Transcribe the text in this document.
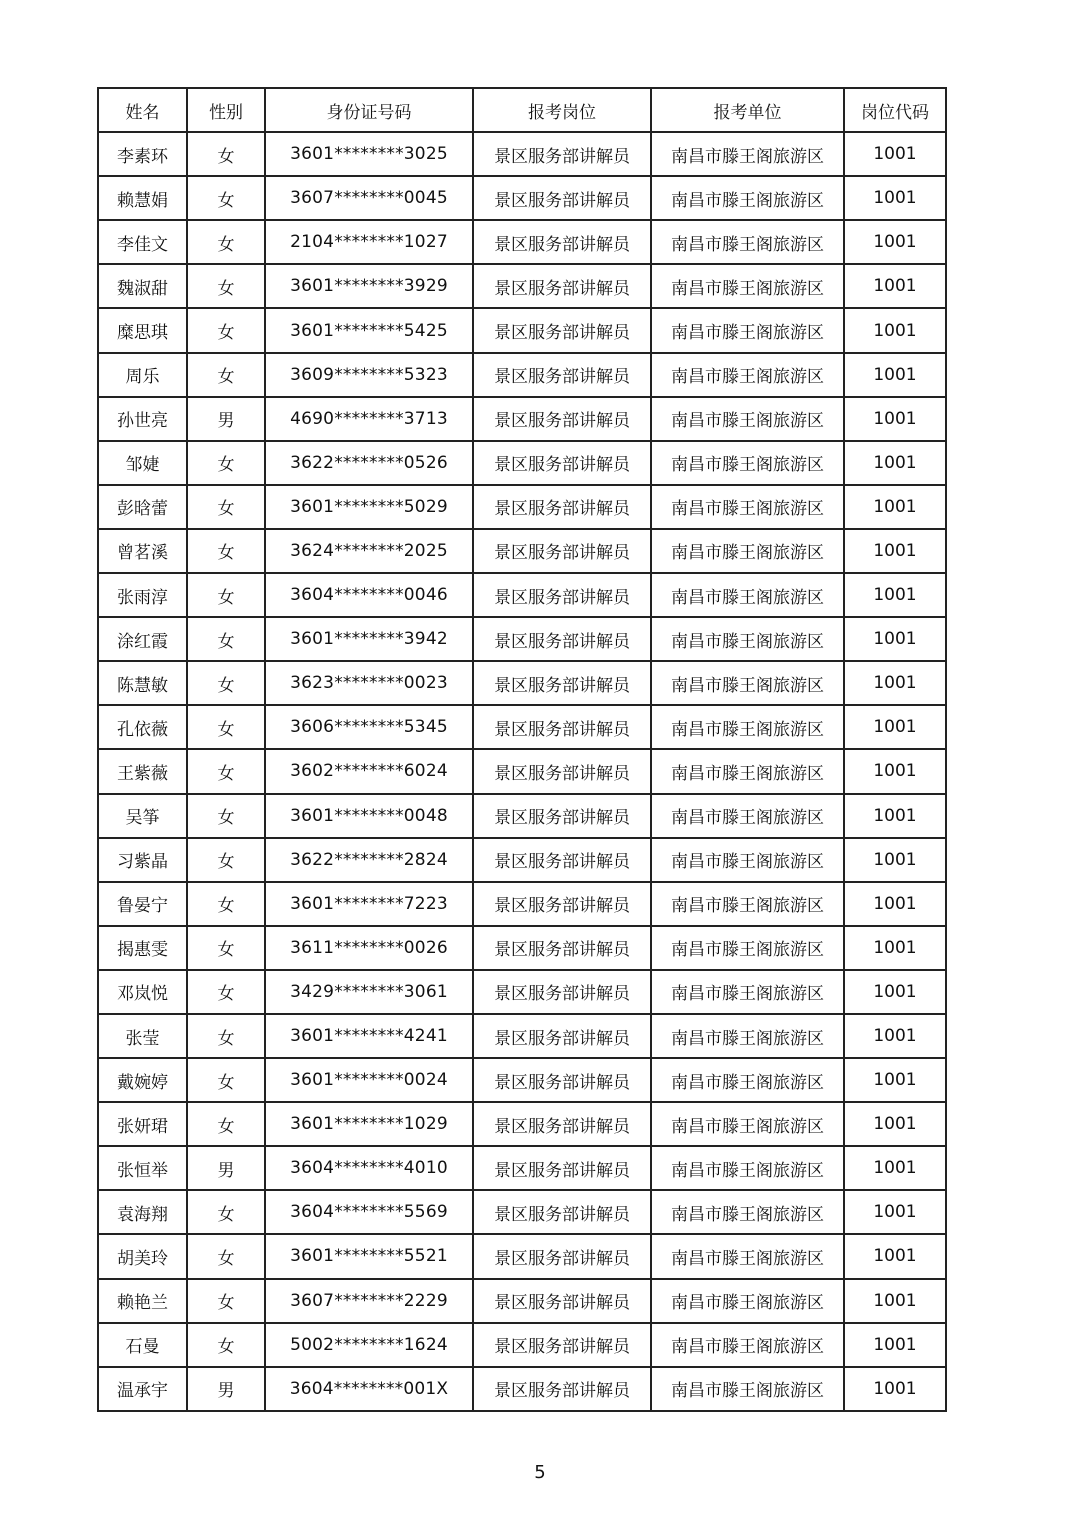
姓名	性别	身份证号码	报考岗位	报考单位	岗位代码
李素环	女	3601********3025	景区服务部讲解员	南昌市滕王阁旅游区	1001
赖慧娟	女	3607********0045	景区服务部讲解员	南昌市滕王阁旅游区	1001
李佳文	女	2104********1027	景区服务部讲解员	南昌市滕王阁旅游区	1001
魏淑甜	女	3601********3929	景区服务部讲解员	南昌市滕王阁旅游区	1001
糜思琪	女	3601********5425	景区服务部讲解员	南昌市滕王阁旅游区	1001
周乐	女	3609********5323	景区服务部讲解员	南昌市滕王阁旅游区	1001
孙世亮	男	4690********3713	景区服务部讲解员	南昌市滕王阁旅游区	1001
邹婕	女	3622********0526	景区服务部讲解员	南昌市滕王阁旅游区	1001
彭晗蕾	女	3601********5029	景区服务部讲解员	南昌市滕王阁旅游区	1001
曾茗溪	女	3624********2025	景区服务部讲解员	南昌市滕王阁旅游区	1001
张雨淳	女	3604********0046	景区服务部讲解员	南昌市滕王阁旅游区	1001
涂红霞	女	3601********3942	景区服务部讲解员	南昌市滕王阁旅游区	1001
陈慧敏	女	3623********0023	景区服务部讲解员	南昌市滕王阁旅游区	1001
孔依薇	女	3606********5345	景区服务部讲解员	南昌市滕王阁旅游区	1001
王紫薇	女	3602********6024	景区服务部讲解员	南昌市滕王阁旅游区	1001
吴筝	女	3601********0048	景区服务部讲解员	南昌市滕王阁旅游区	1001
习紫晶	女	3622********2824	景区服务部讲解员	南昌市滕王阁旅游区	1001
鲁晏宁	女	3601********7223	景区服务部讲解员	南昌市滕王阁旅游区	1001
揭惠雯	女	3611********0026	景区服务部讲解员	南昌市滕王阁旅游区	1001
邓岚悦	女	3429********3061	景区服务部讲解员	南昌市滕王阁旅游区	1001
张莹	女	3601********4241	景区服务部讲解员	南昌市滕王阁旅游区	1001
戴婉婷	女	3601********0024	景区服务部讲解员	南昌市滕王阁旅游区	1001
张妍珺	女	3601********1029	景区服务部讲解员	南昌市滕王阁旅游区	1001
张恒举	男	3604********4010	景区服务部讲解员	南昌市滕王阁旅游区	1001
袁海翔	女	3604********5569	景区服务部讲解员	南昌市滕王阁旅游区	1001
胡美玲	女	3601********5521	景区服务部讲解员	南昌市滕王阁旅游区	1001
赖艳兰	女	3607********2229	景区服务部讲解员	南昌市滕王阁旅游区	1001
石曼	女	5002********1624	景区服务部讲解员	南昌市滕王阁旅游区	1001
温承宇	男	3604********001X	景区服务部讲解员	南昌市滕王阁旅游区	1001
5
